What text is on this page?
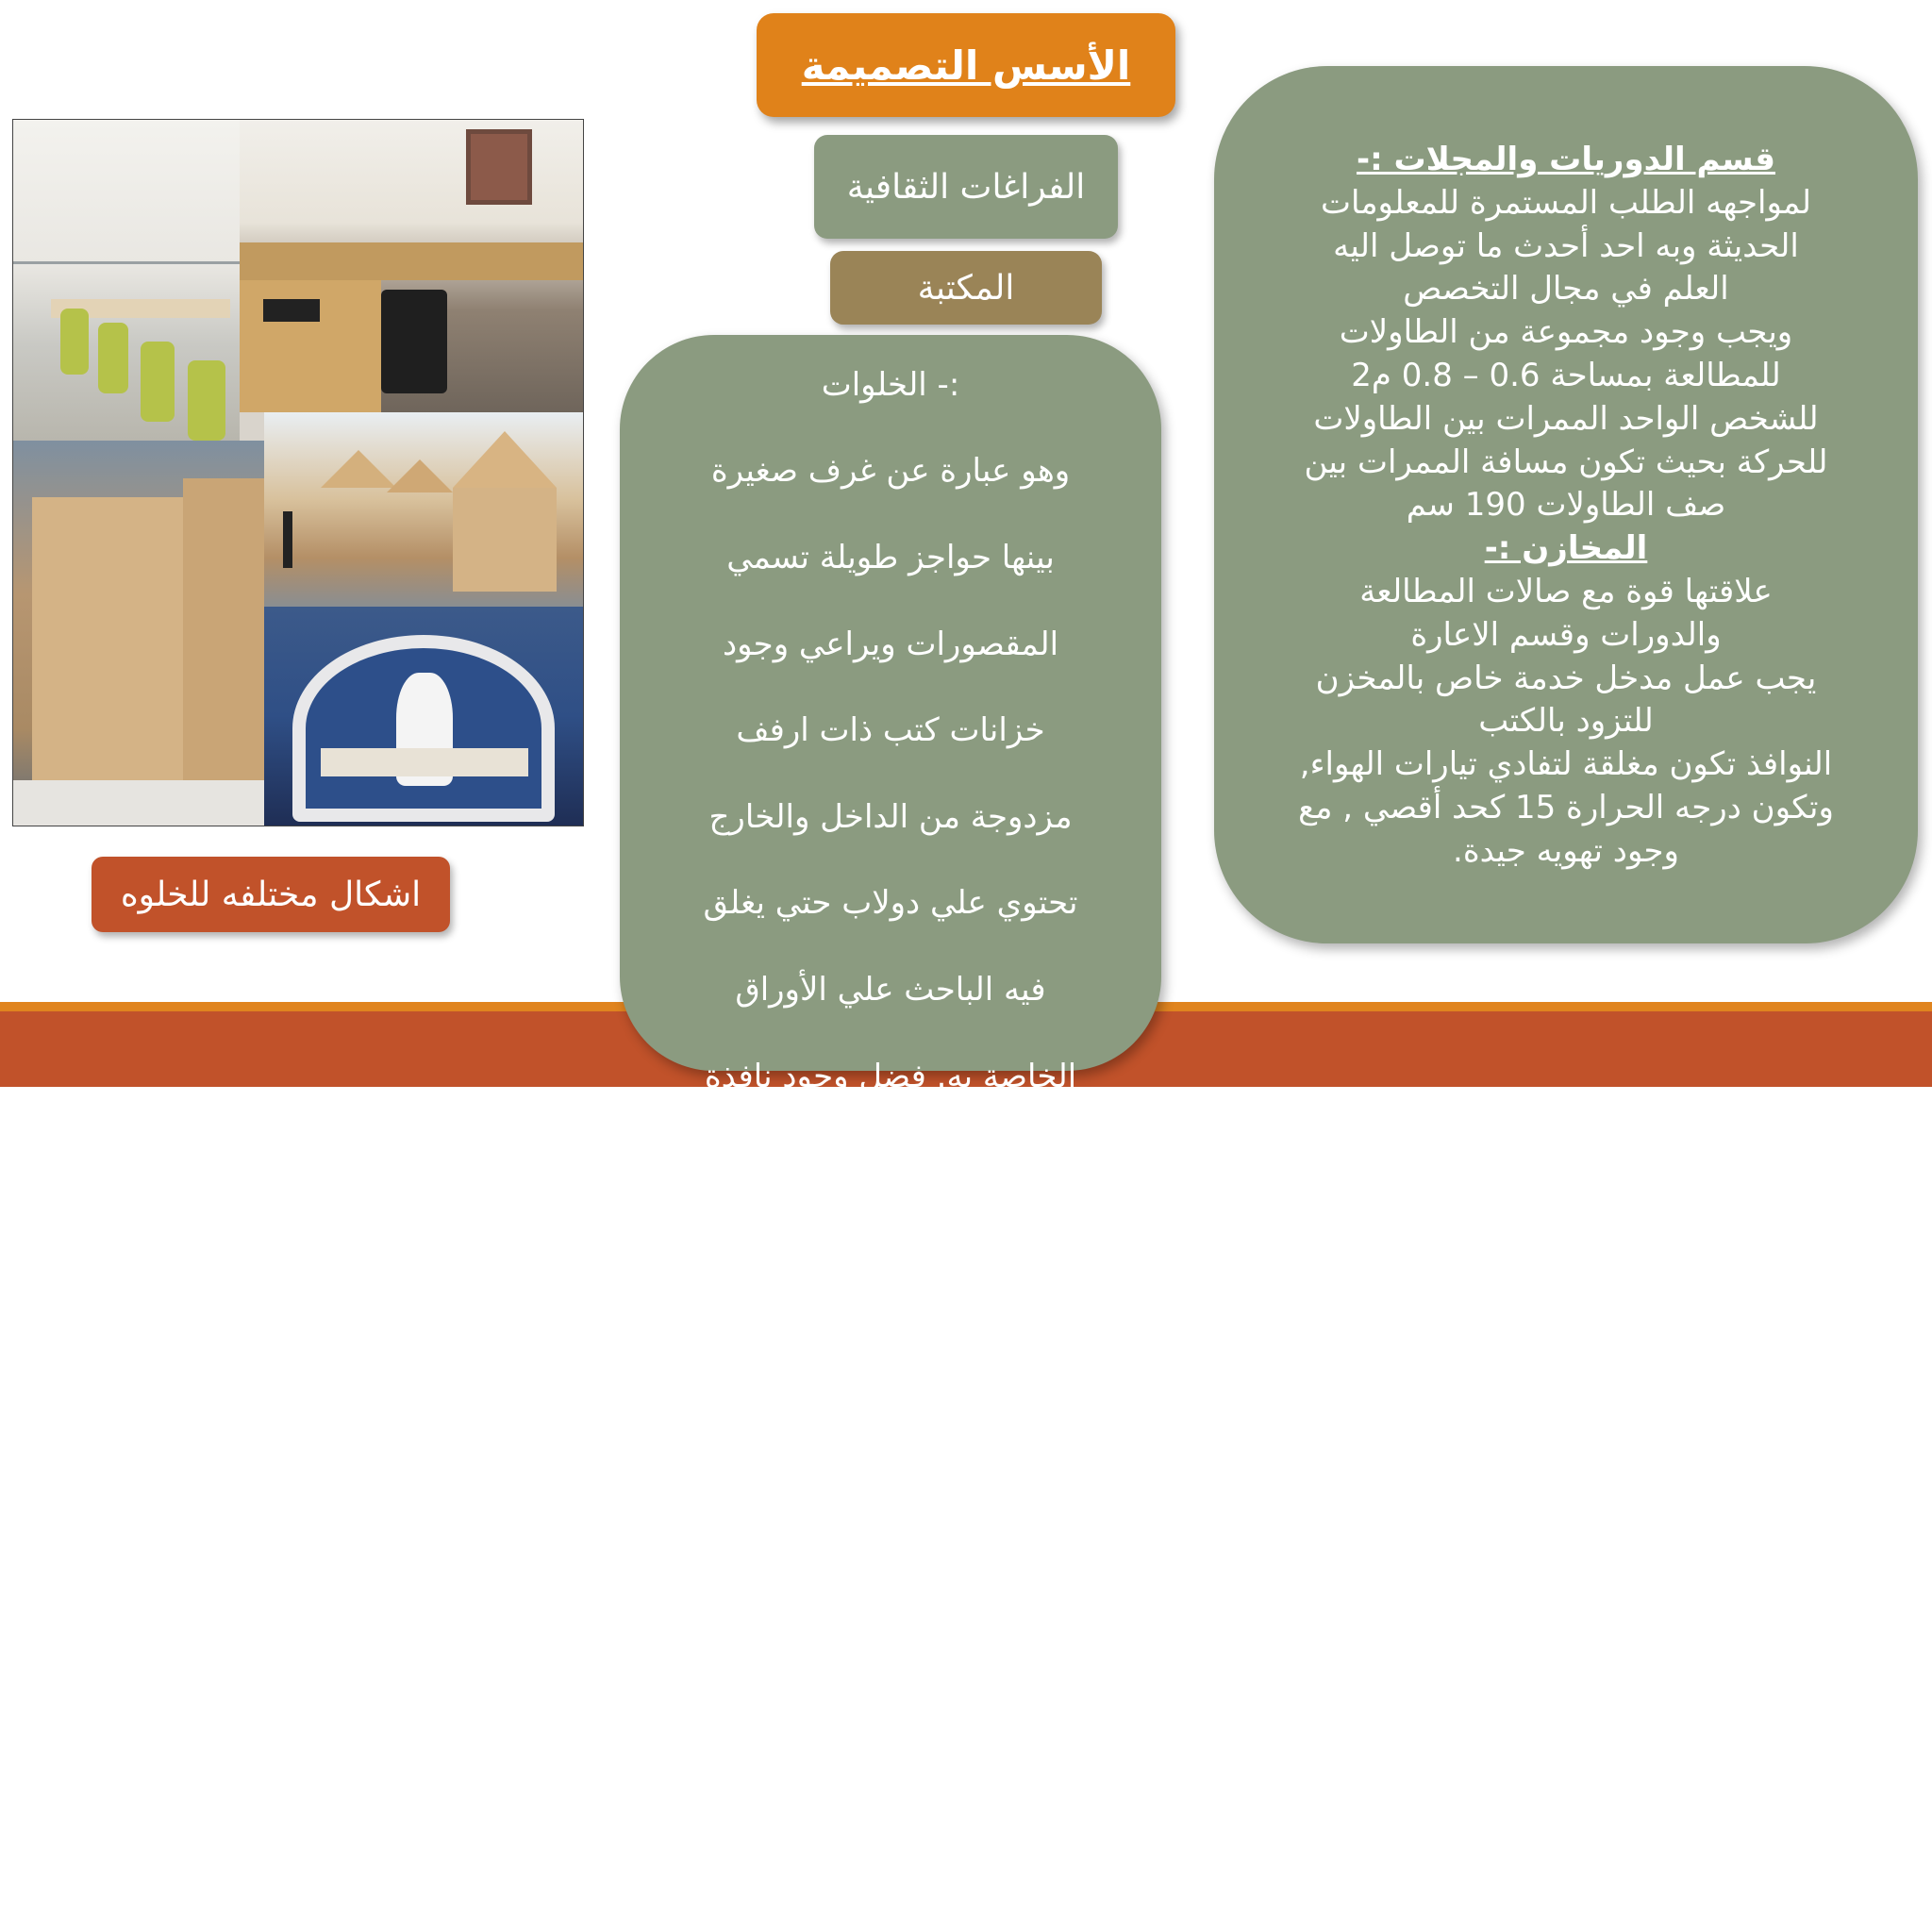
الأسس التصميمة
الفراغات الثقافية
المكتبة
قسم الدوريات والمجلات :-
لمواجهه الطلب المستمرة للمعلومات
الحديثة وبه احد أحدث ما توصل اليه
العلم في مجال التخصص
ويجب وجود مجموعة من الطاولات
للمطالعة بمساحة 0.6 – 0.8 م2
للشخص الواحد الممرات بين الطاولات
للحركة بحيث تكون مسافة الممرات بين
صف الطاولات 190 سم
المخازن :-
علاقتها قوة مع صالات المطالعة
والدورات وقسم الاعارة
يجب عمل مدخل خدمة خاص بالمخزن
للتزود بالكتب
النوافذ تكون مغلقة لتفادي تيارات الهواء,
وتكون درجه الحرارة 15 كحد أقصي , مع
وجود تهويه جيدة.

:- الخلوات

وهو عبارة عن غرف صغيرة

بينها حواجز طويلة تسمي

المقصورات ويراعي وجود

خزانات كتب ذات ارفف

مزدوجة من الداخل والخارج

تحتوي علي دولاب حتي يغلق

فيه الباحث علي الأوراق

الخاصة به. فضل وجود نافذة

تمد الخلوة بالضوء الطبيعي.

تزود كل خلوة بمصدر اضاءة

صناعي وطاله ومقعد مريح.

ميكن أن تحاط الخلوات

بحواجز زجاجية معزوله صوت.

يوفر احيانا بعض الغرف

المساعدة كغرف التصوير

والألات الطابعه أجهزه

الكمبيوتر.

اشكال مختلفه للخلوه
